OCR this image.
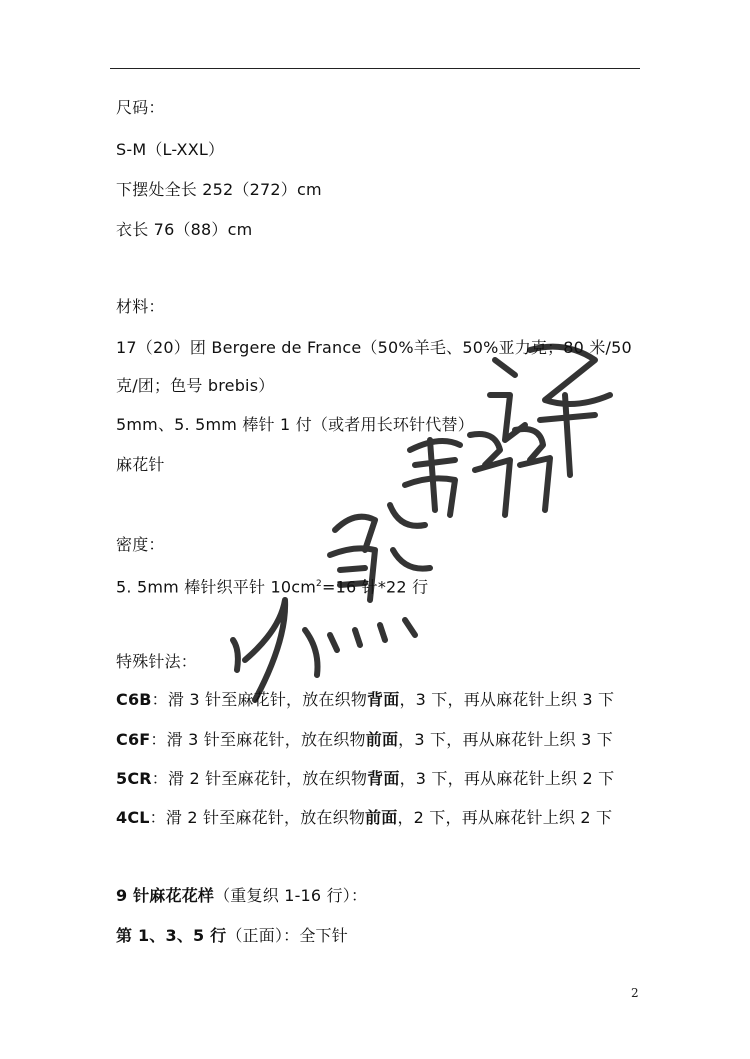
尺码：
S-M（L-XXL）
下摆处全长 252（272）cm
衣长 76（88）cm
材料：
17（20）团 Bergere de France（50%羊毛、50%亚力克；80 米/50
克/团；色号 brebis）
5mm、5. 5mm 棒针 1 付（或者用长环针代替）
麻花针
密度：
5. 5mm 棒针织平针 $10cm^2=16$ 针*22 行
特殊针法：
C6B：滑 3 针至麻花针，放在织物背面，3 下，再从麻花针上织 3 下
C6F：滑 3 针至麻花针，放在织物前面，3 下，再从麻花针上织 3 下
5CR：滑 2 针至麻花针，放在织物背面，3 下，再从麻花针上织 2 下
4CL：滑 2 针至麻花针，放在织物前面，2 下，再从麻花针上织 2 下
9 针麻花花样（重复织 1-16 行）：
第 1、3、5 行（正面）：全下针
2
